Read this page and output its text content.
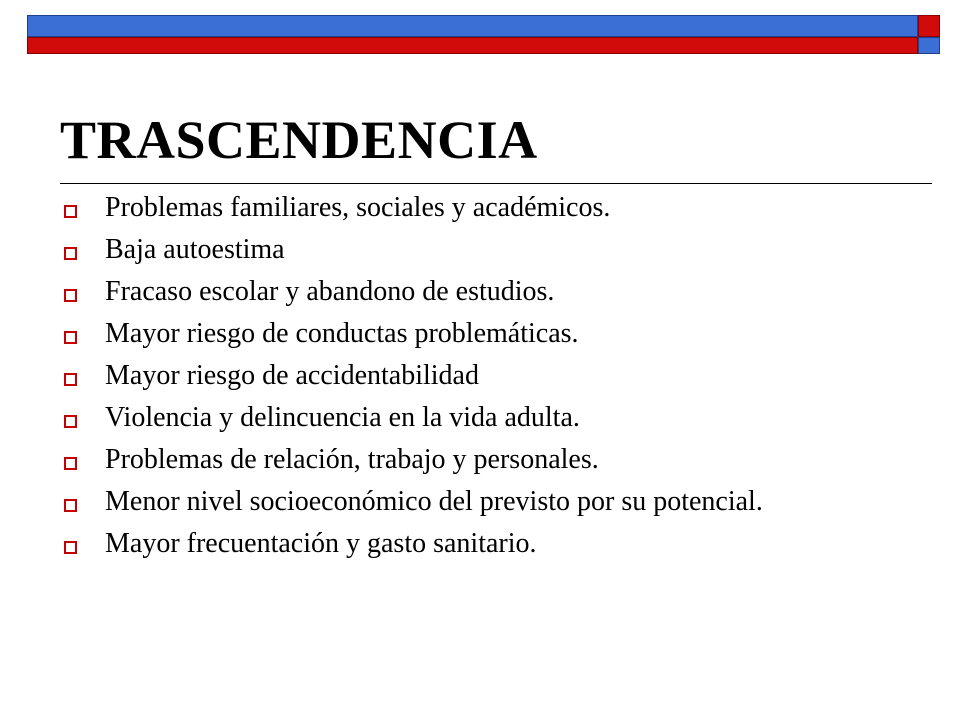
TRASCENDENCIA
Problemas familiares, sociales y académicos.
Baja autoestima
Fracaso escolar y abandono de estudios.
Mayor riesgo de conductas problemáticas.
Mayor riesgo de accidentabilidad
Violencia y delincuencia en la vida adulta.
Problemas de relación, trabajo y personales.
Menor nivel socioeconómico del previsto por su potencial.
Mayor frecuentación y gasto sanitario.
